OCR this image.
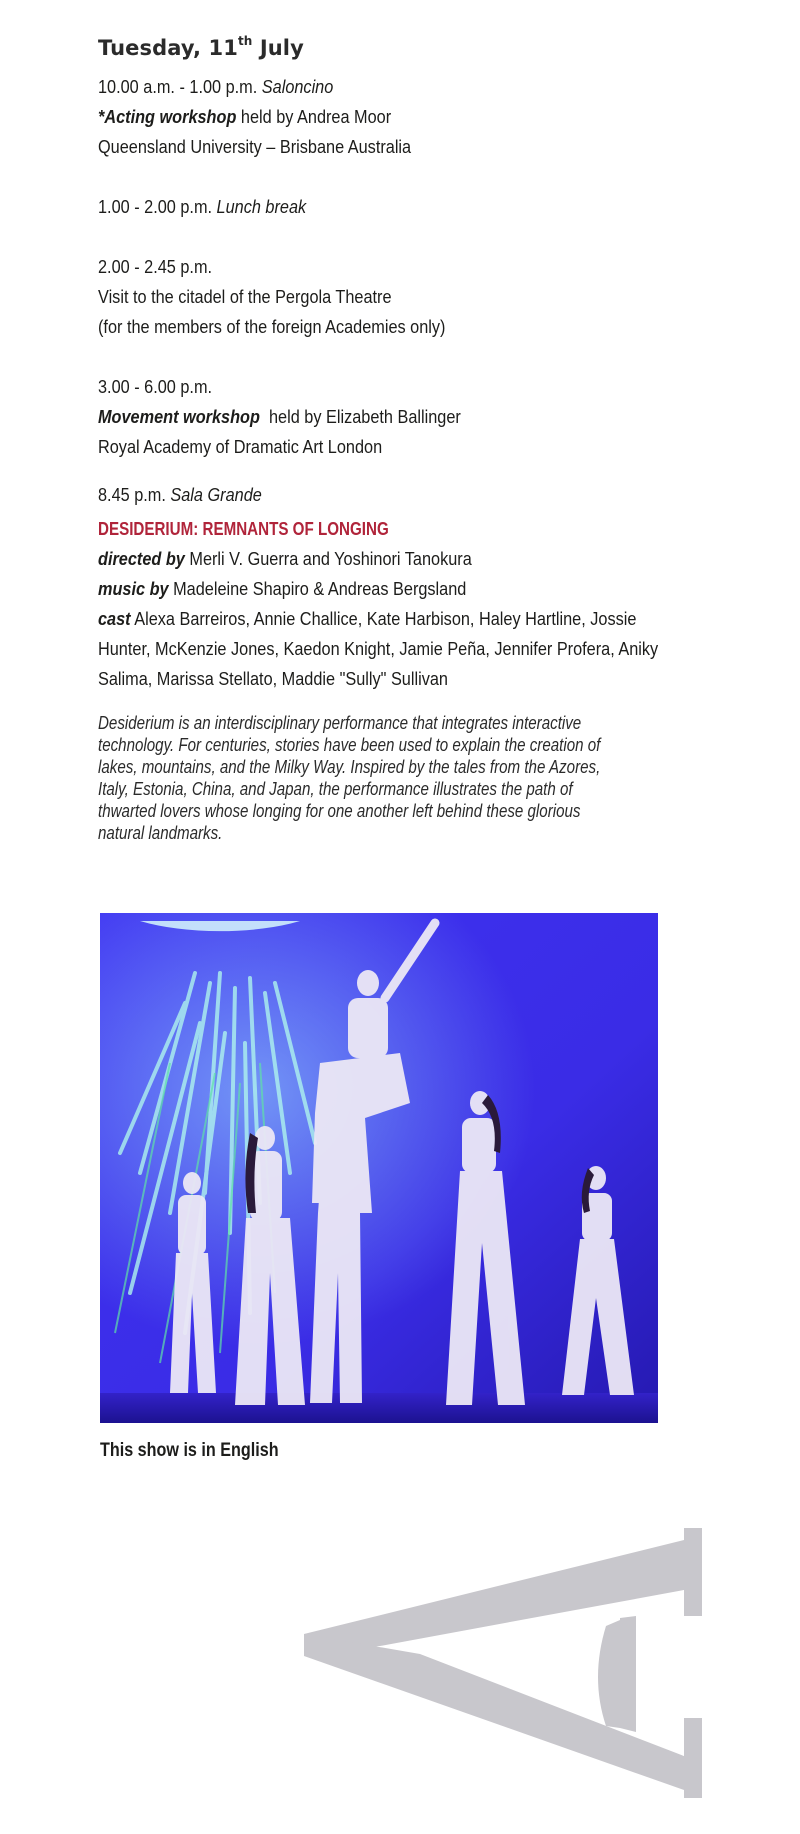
Tuesday, 11th July
10.00 a.m. - 1.00 p.m. Saloncino
*Acting workshop held by Andrea Moor
Queensland University – Brisbane Australia
1.00 - 2.00 p.m. Lunch break
2.00 - 2.45 p.m.
Visit to the citadel of the Pergola Theatre
(for the members of the foreign Academies only)
3.00 - 6.00 p.m.
Movement workshop  held by Elizabeth Ballinger
Royal Academy of Dramatic Art London
8.45 p.m. Sala Grande
DESIDERIUM: REMNANTS OF LONGING
directed by Merli V. Guerra and Yoshinori Tanokura
music by Madeleine Shapiro & Andreas Bergsland
cast Alexa Barreiros, Annie Challice, Kate Harbison, Haley Hartline, Jossie
Hunter, McKenzie Jones, Kaedon Knight, Jamie Peña, Jennifer Profera, Aniky
Salima, Marissa Stellato, Maddie "Sully" Sullivan
Desiderium is an interdisciplinary performance that integrates interactive
technology. For centuries, stories have been used to explain the creation of
lakes, mountains, and the Milky Way. Inspired by the tales from the Azores,
Italy, Estonia, China, and Japan, the performance illustrates the path of
thwarted lovers whose longing for one another left behind these glorious
natural landmarks.
This show is in English
